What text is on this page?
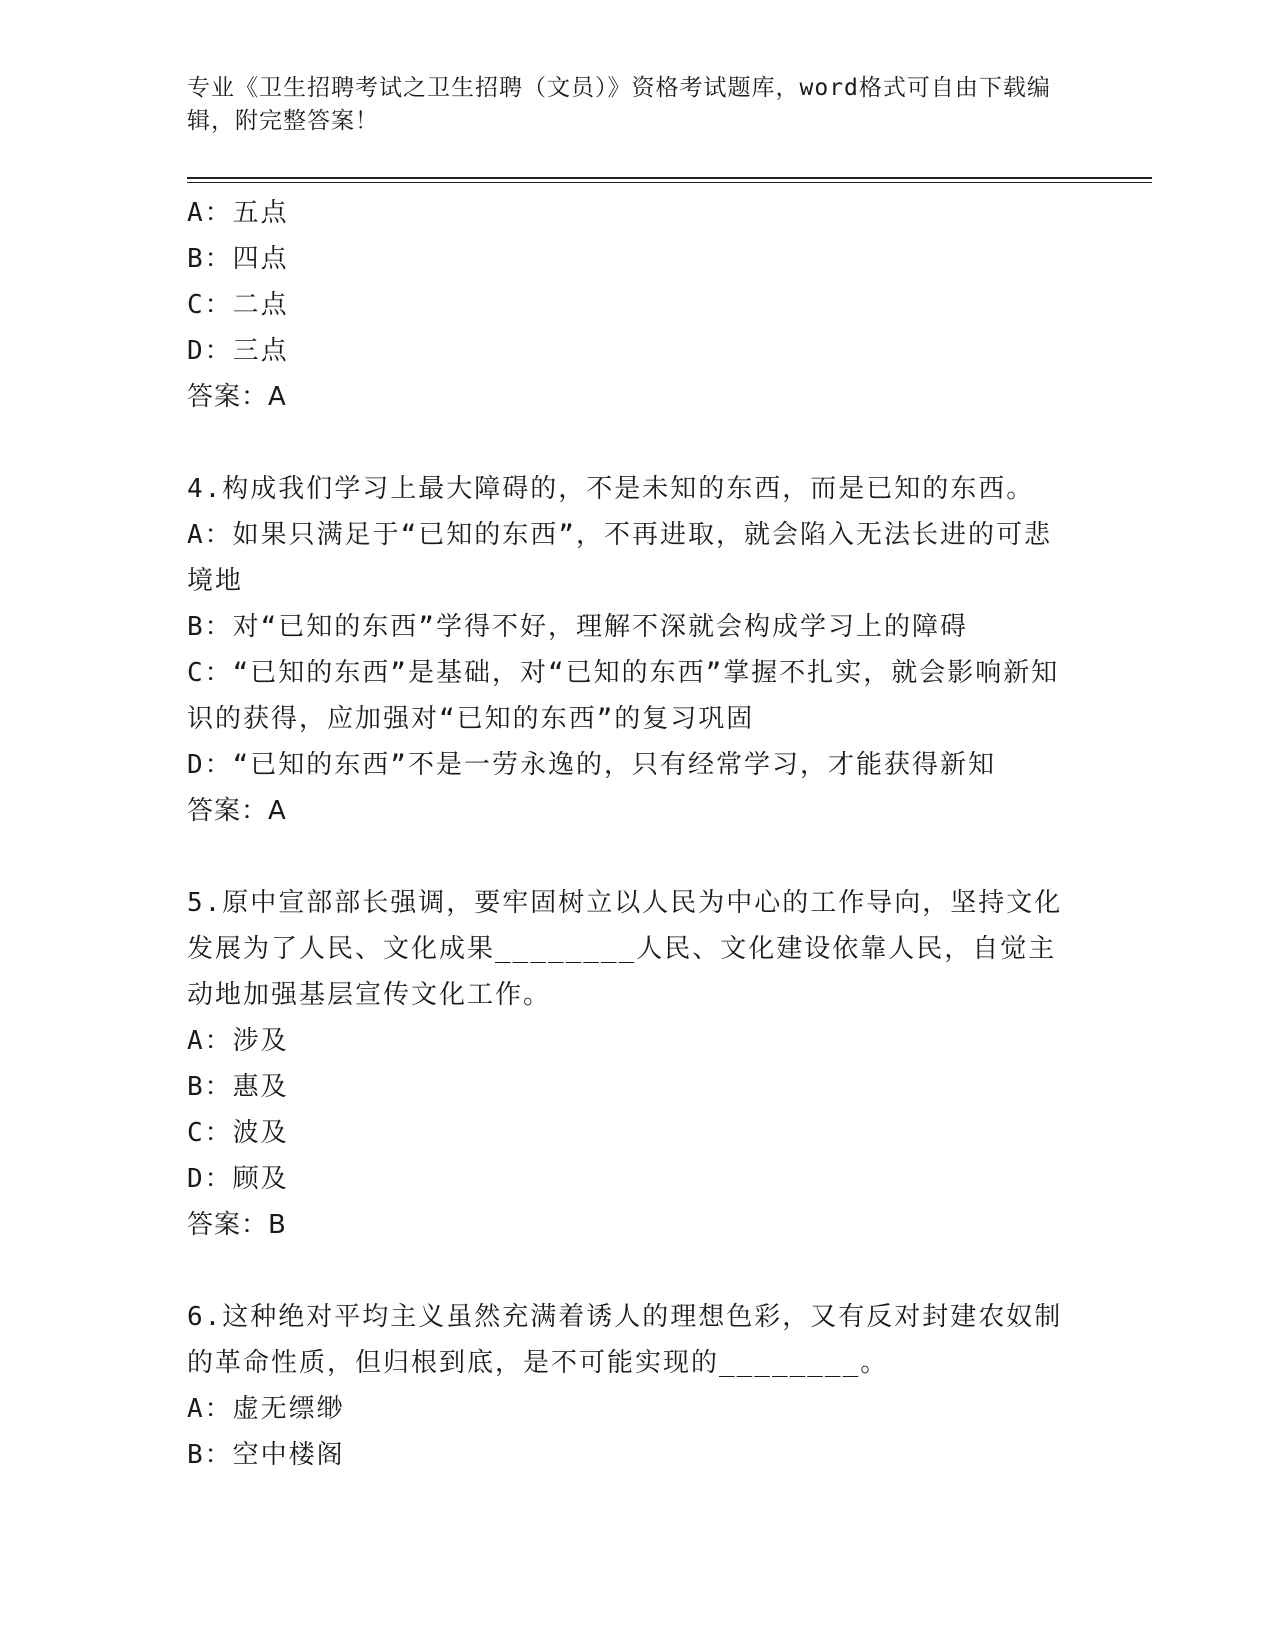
专业《卫生招聘考试之卫生招聘（文员）》资格考试题库，word格式可自由下载编辑，附完整答案！
A：五点
B：四点
C：二点
D：三点
答案：A
4.构成我们学习上最大障碍的，不是未知的东西，而是已知的东西。
A：如果只满足于“已知的东西”，不再进取，就会陷入无法长进的可悲境地
B：对“已知的东西”学得不好，理解不深就会构成学习上的障碍
C：“已知的东西”是基础，对“已知的东西”掌握不扎实，就会影响新知识的获得，应加强对“已知的东西”的复习巩固
D：“已知的东西”不是一劳永逸的，只有经常学习，才能获得新知
答案：A
5.原中宣部部长强调，要牢固树立以人民为中心的工作导向，坚持文化发展为了人民、文化成果________人民、文化建设依靠人民，自觉主动地加强基层宣传文化工作。
A：涉及
B：惠及
C：波及
D：顾及
答案：B
6.这种绝对平均主义虽然充满着诱人的理想色彩，又有反对封建农奴制的革命性质，但归根到底，是不可能实现的________。
A：虚无缥缈
B：空中楼阁
